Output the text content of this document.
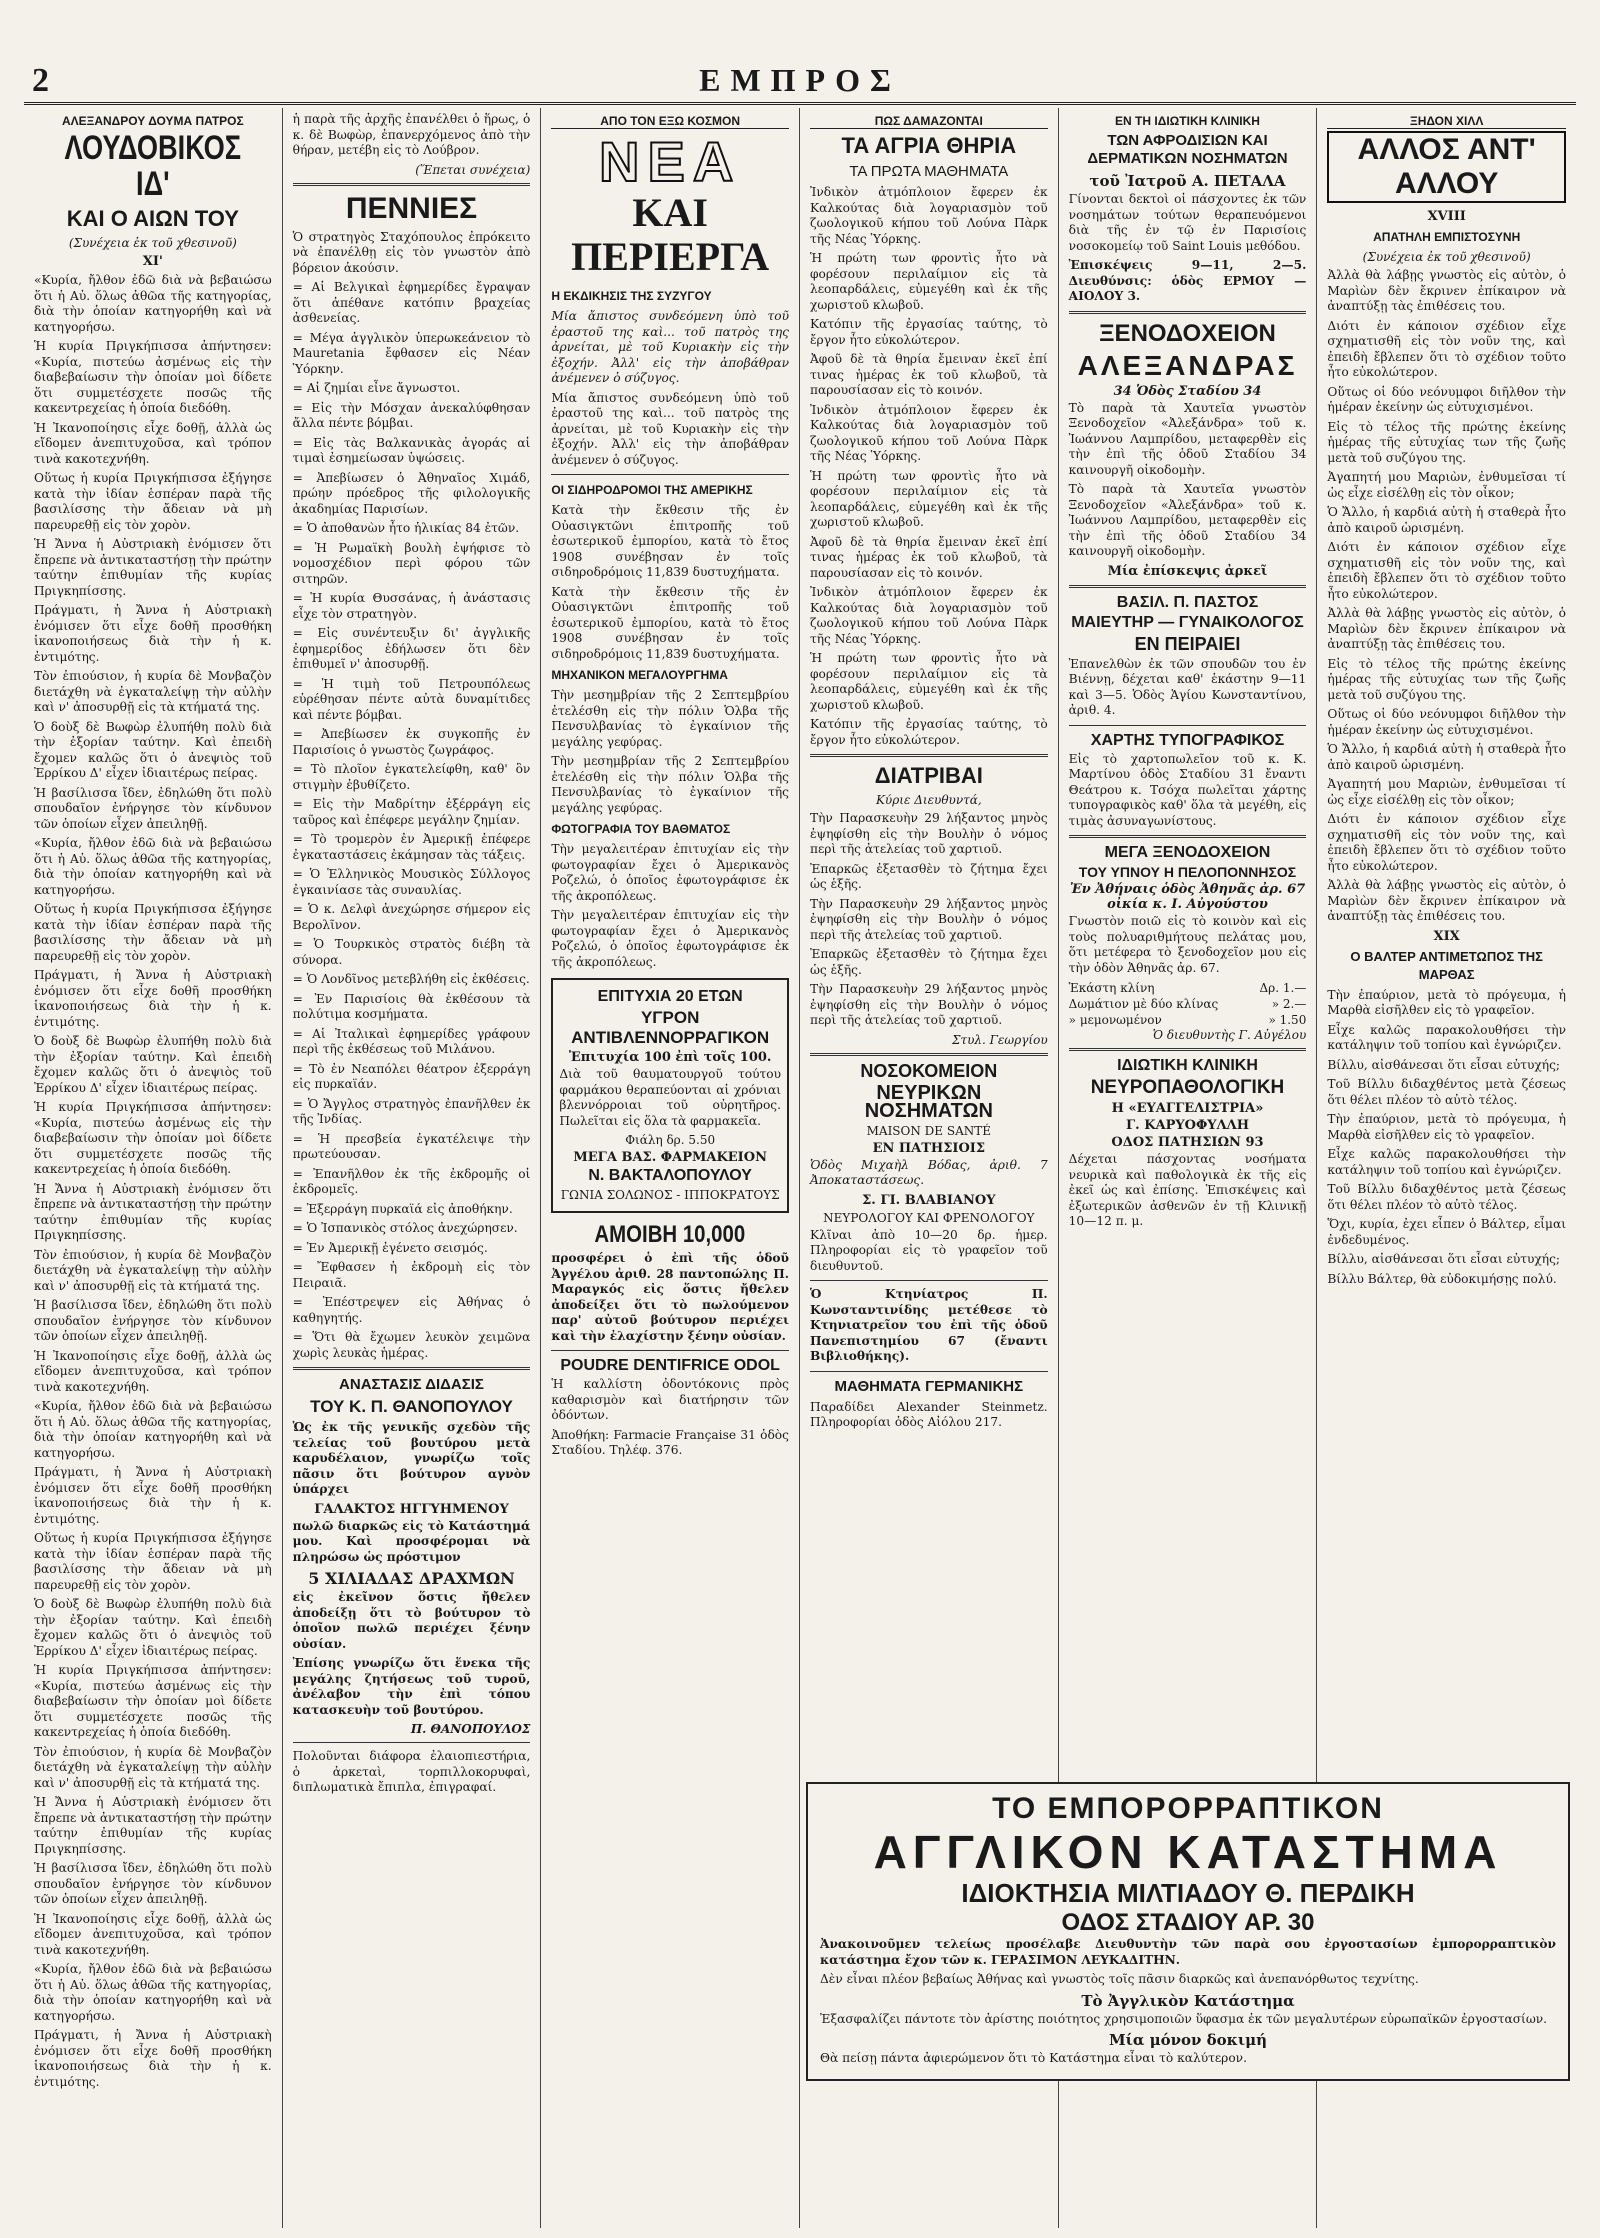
2	ΕΜΠΡΟΣ
ΑΛΕΞΑΝΔΡΟΥ ΔΟΥΜΑ ΠΑΤΡΟΣ
ΛΟΥΔΟΒΙΚΟΣ ΙΔ'
ΚΑΙ Ο ΑΙΩΝ ΤΟΥ
(Συνέχεια ἐκ τοῦ χθεσινοῦ)
ΧΙ'

«Κυρία, ἤλθον ἐδῶ διὰ νὰ βεβαιώσω ὅτι ἡ Αὐ. ὅλως ἀθῶα τῆς κατηγορίας, διὰ τὴν ὁποίαν κατηγορήθη καὶ νὰ κατηγορήσω.

Ἡ κυρία Πριγκήπισσα ἀπήντησεν: «Κυρία, πιστεύω ἀσμένως εἰς τὴν διαβεβαίωσιν τὴν ὁποίαν μοὶ δίδετε ὅτι συμμετέσχετε ποσῶς τῆς κακεντρεχείας ἡ ὁποία διεδόθη.

Ἡ Ἰκανοποίησις εἶχε δοθῇ, ἀλλὰ ὡς εἴδομεν ἀνεπιτυχοῦσα, καὶ τρόπον τινὰ κακοτεχνήθη.

Οὕτως ἡ κυρία Πριγκήπισσα ἐξήγησε κατὰ τὴν ἰδίαν ἑσπέραν παρὰ τῆς βασιλίσσης τὴν ἄδειαν νὰ μὴ παρευρεθῇ εἰς τὸν χορὸν.

Ἡ Ἄννα ἡ Αὐστριακὴ ἐνόμισεν ὅτι ἔπρεπε νὰ ἀντικαταστήσῃ τὴν πρώτην ταύτην ἐπιθυμίαν τῆς κυρίας Πριγκηπίσσης.

Πράγματι, ἡ Ἄννα ἡ Αὐστριακὴ ἐνόμισεν ὅτι εἶχε δοθῆ προσθήκη ἱκανοποιήσεως διὰ τὴν ἡ κ. ἐντιμότης.

Τὸν ἐπιούσιον, ἡ κυρία δὲ Μονβαζὸν διετάχθη νὰ ἐγκαταλείψῃ τὴν αὐλὴν καὶ ν' ἀποσυρθῇ εἰς τὰ κτήματά της.

Ὁ δοὺξ δὲ Βωφὼρ ἐλυπήθη πολὺ διὰ τὴν ἐξορίαν ταύτην. Καὶ ἐπειδὴ ἔχομεν καλῶς ὅτι ὁ ἀνεψιὸς τοῦ Ἐρρίκου Δ' εἶχεν ἰδιαιτέρως πείρας.

Ἡ βασίλισσα ἴδεν, ἐδηλώθη ὅτι πολὺ σπουδαῖον ἐνήργησε τὸν κίνδυνον τῶν ὁποίων εἶχεν ἀπειληθῇ.

«Κυρία, ἤλθον ἐδῶ διὰ νὰ βεβαιώσω ὅτι ἡ Αὐ. ὅλως ἀθῶα τῆς κατηγορίας, διὰ τὴν ὁποίαν κατηγορήθη καὶ νὰ κατηγορήσω.

Οὕτως ἡ κυρία Πριγκήπισσα ἐξήγησε κατὰ τὴν ἰδίαν ἑσπέραν παρὰ τῆς βασιλίσσης τὴν ἄδειαν νὰ μὴ παρευρεθῇ εἰς τὸν χορὸν.

Πράγματι, ἡ Ἄννα ἡ Αὐστριακὴ ἐνόμισεν ὅτι εἶχε δοθῆ προσθήκη ἱκανοποιήσεως διὰ τὴν ἡ κ. ἐντιμότης.

Ὁ δοὺξ δὲ Βωφὼρ ἐλυπήθη πολὺ διὰ τὴν ἐξορίαν ταύτην. Καὶ ἐπειδὴ ἔχομεν καλῶς ὅτι ὁ ἀνεψιὸς τοῦ Ἐρρίκου Δ' εἶχεν ἰδιαιτέρως πείρας.

Ἡ κυρία Πριγκήπισσα ἀπήντησεν: «Κυρία, πιστεύω ἀσμένως εἰς τὴν διαβεβαίωσιν τὴν ὁποίαν μοὶ δίδετε ὅτι συμμετέσχετε ποσῶς τῆς κακεντρεχείας ἡ ὁποία διεδόθη.

Ἡ Ἄννα ἡ Αὐστριακὴ ἐνόμισεν ὅτι ἔπρεπε νὰ ἀντικαταστήσῃ τὴν πρώτην ταύτην ἐπιθυμίαν τῆς κυρίας Πριγκηπίσσης.

Τὸν ἐπιούσιον, ἡ κυρία δὲ Μονβαζὸν διετάχθη νὰ ἐγκαταλείψῃ τὴν αὐλὴν καὶ ν' ἀποσυρθῇ εἰς τὰ κτήματά της.

Ἡ βασίλισσα ἴδεν, ἐδηλώθη ὅτι πολὺ σπουδαῖον ἐνήργησε τὸν κίνδυνον τῶν ὁποίων εἶχεν ἀπειληθῇ.

Ἡ Ἰκανοποίησις εἶχε δοθῇ, ἀλλὰ ὡς εἴδομεν ἀνεπιτυχοῦσα, καὶ τρόπον τινὰ κακοτεχνήθη.

«Κυρία, ἤλθον ἐδῶ διὰ νὰ βεβαιώσω ὅτι ἡ Αὐ. ὅλως ἀθῶα τῆς κατηγορίας, διὰ τὴν ὁποίαν κατηγορήθη καὶ νὰ κατηγορήσω.

Πράγματι, ἡ Ἄννα ἡ Αὐστριακὴ ἐνόμισεν ὅτι εἶχε δοθῆ προσθήκη ἱκανοποιήσεως διὰ τὴν ἡ κ. ἐντιμότης.

Οὕτως ἡ κυρία Πριγκήπισσα ἐξήγησε κατὰ τὴν ἰδίαν ἑσπέραν παρὰ τῆς βασιλίσσης τὴν ἄδειαν νὰ μὴ παρευρεθῇ εἰς τὸν χορὸν.

Ὁ δοὺξ δὲ Βωφὼρ ἐλυπήθη πολὺ διὰ τὴν ἐξορίαν ταύτην. Καὶ ἐπειδὴ ἔχομεν καλῶς ὅτι ὁ ἀνεψιὸς τοῦ Ἐρρίκου Δ' εἶχεν ἰδιαιτέρως πείρας.

Ἡ κυρία Πριγκήπισσα ἀπήντησεν: «Κυρία, πιστεύω ἀσμένως εἰς τὴν διαβεβαίωσιν τὴν ὁποίαν μοὶ δίδετε ὅτι συμμετέσχετε ποσῶς τῆς κακεντρεχείας ἡ ὁποία διεδόθη.

Τὸν ἐπιούσιον, ἡ κυρία δὲ Μονβαζὸν διετάχθη νὰ ἐγκαταλείψῃ τὴν αὐλὴν καὶ ν' ἀποσυρθῇ εἰς τὰ κτήματά της.

Ἡ Ἄννα ἡ Αὐστριακὴ ἐνόμισεν ὅτι ἔπρεπε νὰ ἀντικαταστήσῃ τὴν πρώτην ταύτην ἐπιθυμίαν τῆς κυρίας Πριγκηπίσσης.

Ἡ βασίλισσα ἴδεν, ἐδηλώθη ὅτι πολὺ σπουδαῖον ἐνήργησε τὸν κίνδυνον τῶν ὁποίων εἶχεν ἀπειληθῇ.

Ἡ Ἰκανοποίησις εἶχε δοθῇ, ἀλλὰ ὡς εἴδομεν ἀνεπιτυχοῦσα, καὶ τρόπον τινὰ κακοτεχνήθη.

«Κυρία, ἤλθον ἐδῶ διὰ νὰ βεβαιώσω ὅτι ἡ Αὐ. ὅλως ἀθῶα τῆς κατηγορίας, διὰ τὴν ὁποίαν κατηγορήθη καὶ νὰ κατηγορήσω.

Πράγματι, ἡ Ἄννα ἡ Αὐστριακὴ ἐνόμισεν ὅτι εἶχε δοθῆ προσθήκη ἱκανοποιήσεως διὰ τὴν ἡ κ. ἐντιμότης.

ἡ παρὰ τῆς ἀρχῆς ἐπανέλθει ὁ ἥρως, ὁ κ. δὲ Βωφὼρ, ἐπανερχόμενος ἀπὸ τὴν θήραν, μετέβη εἰς τὸ Λούβρον.

(Ἕπεται συνέχεια)
ΠΕΝΝΙΕΣ

Ὁ στρατηγὸς Σταχόπουλος ἐπρόκειτο νὰ ἐπανέλθῃ εἰς τὸν γνωστὸν ἀπὸ βόρειον ἀκούσιν.

= Αἱ Βελγικαὶ ἐφημερίδες ἔγραψαν ὅτι ἀπέθανε κατόπιν βραχείας ἀσθενείας.

= Μέγα ἀγγλικὸν ὑπερωκεάνειον τὸ Mauretania ἔφθασεν εἰς Νέαν Ὑόρκην.

= Αἱ ζημίαι εἶνε ἄγνωστοι.

= Εἰς τὴν Μόσχαν ἀνεκαλύφθησαν ἄλλα πέντε βόμβαι.

= Εἰς τὰς Βαλκανικὰς ἀγοράς αἱ τιμαὶ ἐσημείωσαν ὑψώσεις.

= Ἀπεβίωσεν ὁ Ἀθηναῖος Χιμάδ, πρώην πρόεδρος τῆς φιλολογικῆς ἀκαδημίας Παρισίων.

= Ὁ ἀποθανὼν ἦτο ἡλικίας 84 ἐτῶν.

= Ἡ Ρωμαϊκὴ βουλὴ ἐψήφισε τὸ νομοσχέδιον περὶ φόρου τῶν σιτηρῶν.

= Ἡ κυρία Θυσσάνας, ἡ ἀνάστασις εἶχε τὸν στρατηγὸν.

= Εἰς συνέντευξιν δι' ἀγγλικῆς ἐφημερίδος ἐδήλωσεν ὅτι δὲν ἐπιθυμεῖ ν' ἀποσυρθῇ.

= Ἡ τιμὴ τοῦ Πετρουπόλεως εὑρέθησαν πέντε αὐτὰ δυναμίτιδες καὶ πέντε βόμβαι.

= Ἀπεβίωσεν ἐκ συγκοπῆς ἐν Παρισίοις ὁ γνωστὸς ζωγράφος.

= Τὸ πλοῖον ἐγκατελείφθη, καθ' ὃν στιγμὴν ἐβυθίζετο.

= Εἰς τὴν Μαδρίτην ἐξέρράγη εἰς ταῦρος καὶ ἐπέφερε μεγάλην ζημίαν.

= Τὸ τρομερὸν ἐν Ἀμερικῇ ἐπέφερε ἐγκαταστάσεις ἐκάμησαν τὰς τάξεις.

= Ὁ Ἑλληνικὸς Μουσικὸς Σύλλογος ἐγκαινίασε τὰς συναυλίας.

= Ὁ κ. Δελφὶ ἀνεχώρησε σήμερον εἰς Βερολῖνον.

= Ὁ Τουρκικὸς στρατὸς διέβη τὰ σύνορα.

= Ὁ Λονδῖνος μετεβλήθη εἰς ἐκθέσεις.

= Ἐν Παρισίοις θὰ ἐκθέσουν τὰ πολύτιμα κοσμήματα.

= Αἱ Ἰταλικαὶ ἐφημερίδες γράφουν περὶ τῆς ἐκθέσεως τοῦ Μιλάνου.

= Τὸ ἐν Νεαπόλει θέατρον ἐξερράγη εἰς πυρκαϊάν.

= Ὁ Ἄγγλος στρατηγὸς ἐπανῆλθεν ἐκ τῆς Ἰνδίας.

= Ἡ πρεσβεία ἐγκατέλειψε τὴν πρωτεύουσαν.

= Ἐπανῆλθον ἐκ τῆς ἐκδρομῆς οἱ ἐκδρομεῖς.

= Ἐξερράγη πυρκαϊά εἰς ἀποθήκην.

= Ὁ Ἰσπανικὸς στόλος ἀνεχώρησεν.

= Ἐν Ἀμερικῇ ἐγένετο σεισμός.

= Ἔφθασεν ἡ ἐκδρομὴ εἰς τὸν Πειραιᾶ.

= Ἐπέστρεψεν εἰς Ἀθήνας ὁ καθηγητής.

= Ὅτι θὰ ἔχωμεν λευκὸν χειμῶνα χωρὶς λευκὰς ἡμέρας.

ΑΝΑΣΤΑΣΙΣ ΔΙΔΑΣΙΣ
ΤΟΥ Κ. Π. ΘΑΝΟΠΟΥΛΟΥ

Ὡς ἐκ τῆς γενικῆς σχεδὸν τῆς τελείας τοῦ βουτύρου μετὰ καρυδέλαιον, γνωρίζω τοῖς πᾶσιν ὅτι βούτυρον αγνὸν ὑπάρχει

ΓΑΛΑΚΤΟΣ ΗΓΓΥΗΜΕΝΟΥ

πωλῶ διαρκῶς εἰς τὸ Κατάστημά μου. Καὶ προσφέρομαι νὰ πληρώσω ὡς πρόστιμον

5 ΧΙΛΙΑΔΑΣ ΔΡΑΧΜΩΝ

εἰς ἐκεῖνον ὅστις ἤθελεν ἀποδείξῃ ὅτι τὸ βούτυρον τὸ ὁποῖον πωλῶ περιέχει ξένην οὐσίαν.

Ἐπίσης γνωρίζω ὅτι ἕνεκα τῆς μεγάλης ζητήσεως τοῦ τυροῦ, ἀνέλαβον τὴν ἐπὶ τόπου κατασκευὴν τοῦ βουτύρου.

Π. ΘΑΝΟΠΟΥΛΟΣ

Πολοῦνται διάφορα ἐλαιοπιεστήρια, ὁ ἀρκεταὶ, τορπιλλοκορυφαὶ, διπλωματικὰ ἔπιπλα, ἐπιγραφαί.

ΑΠΟ ΤΟΝ ΕΞΩ ΚΟΣΜΟΝ
ΝΕΑ
ΚΑΙ ΠΕΡΙΕΡΓΑ
Η ΕΚΔΙΚΗΣΙΣ ΤΗΣ ΣΥΖΥΓΟΥ

Μία ἄπιστος συνδεόμενη ὑπὸ τοῦ ἐραστοῦ της καὶ... τοῦ πατρὸς της ἀρνείται, μὲ τοῦ Κυριακὴν εἰς τὴν ἐξοχήν. Ἀλλ' εἰς τὴν ἀποβάθραν ἀνέμενεν ὁ σύζυγος.

Μία ἄπιστος συνδεόμενη ὑπὸ τοῦ ἐραστοῦ της καὶ... τοῦ πατρὸς της ἀρνείται, μὲ τοῦ Κυριακὴν εἰς τὴν ἐξοχήν. Ἀλλ' εἰς τὴν ἀποβάθραν ἀνέμενεν ὁ σύζυγος.

ΟΙ ΣΙΔΗΡΟΔΡΟΜΟΙ ΤΗΣ ΑΜΕΡΙΚΗΣ

Κατὰ τὴν ἔκθεσιν τῆς ἐν Οὐασιγκτῶνι ἐπιτροπῆς τοῦ ἐσωτερικοῦ ἐμπορίου, κατὰ τὸ ἔτος 1908 συνέβησαν ἐν τοῖς σιδηροδρόμοις 11,839 δυστυχήματα.

Κατὰ τὴν ἔκθεσιν τῆς ἐν Οὐασιγκτῶνι ἐπιτροπῆς τοῦ ἐσωτερικοῦ ἐμπορίου, κατὰ τὸ ἔτος 1908 συνέβησαν ἐν τοῖς σιδηροδρόμοις 11,839 δυστυχήματα.

ΜΗΧΑΝΙΚΟΝ ΜΕΓΑΛΟΥΡΓΗΜΑ

Τὴν μεσημβρίαν τῆς 2 Σεπτεμβρίου ἐτελέσθη εἰς τὴν πόλιν Ὁλβα τῆς Πενσυλβανίας τὸ ἐγκαίνιον τῆς μεγάλης γεφύρας.

Τὴν μεσημβρίαν τῆς 2 Σεπτεμβρίου ἐτελέσθη εἰς τὴν πόλιν Ὁλβα τῆς Πενσυλβανίας τὸ ἐγκαίνιον τῆς μεγάλης γεφύρας.

ΦΩΤΟΓΡΑΦΙΑ ΤΟΥ ΒΑΘΜΑΤΟΣ

Τὴν μεγαλειτέραν ἐπιτυχίαν εἰς τὴν φωτογραφίαν ἔχει ὁ Ἀμερικανὸς Ροζελώ, ὁ ὁποῖος ἐφωτογράφισε ἐκ τῆς ἀκροπόλεως.

Τὴν μεγαλειτέραν ἐπιτυχίαν εἰς τὴν φωτογραφίαν ἔχει ὁ Ἀμερικανὸς Ροζελώ, ὁ ὁποῖος ἐφωτογράφισε ἐκ τῆς ἀκροπόλεως.

ΕΠΙΤΥΧΙΑ 20 ΕΤΩΝ
ΥΓΡΟΝ ΑΝΤΙΒΛΕΝΝΟΡΡΑΓΙΚΟΝ
Ἐπιτυχία 100 ἐπὶ τοῖς 100.

Διὰ τοῦ θαυματουργοῦ τούτου φαρμάκου θεραπεύονται αἱ χρόνιαι βλεννόρροιαι τοῦ οὐρητῆρος. Πωλεῖται εἰς ὅλα τὰ φαρμακεῖα.

Φιάλη δρ. 5.50
ΜΕΓΑ ΒΑΣ. ΦΑΡΜΑΚΕΙΟΝ
Ν. ΒΑΚΤΑΛΟΠΟΥΛΟΥ
ΓΩΝΙΑ ΣΟΛΩΝΟΣ - ΙΠΠΟΚΡΑΤΟΥΣ
ΑΜΟΙΒΗ 10,000

προσφέρει ὁ ἐπὶ τῆς ὁδοῦ Ἀγγέλου ἀριθ. 28 παντοπώλης Π. Μαραγκός εἰς ὅστις ἤθελεν ἀποδείξει ὅτι τὸ πωλούμενον παρ' αὐτοῦ βούτυρον περιέχει καὶ τὴν ἐλαχίστην ξένην οὐσίαν.

POUDRE DENTIFRICE ODOL

Ἡ καλλίστη ὀδοντόκονις πρὸς καθαρισμὸν καὶ διατήρησιν τῶν ὀδόντων.

Ἀποθήκη: Farmacie Française 31 ὁδὸς Σταδίου. Τηλέφ. 376.

ΠΩΣ ΔΑΜΑΖΟΝΤΑΙ
ΤΑ ΑΓΡΙΑ ΘΗΡΙΑ
ΤΑ ΠΡΩΤΑ ΜΑΘΗΜΑΤΑ

Ἰνδικὸν ἀτμόπλοιον ἔφερεν ἐκ Καλκούτας διὰ λογαριασμὸν τοῦ ζωολογικοῦ κήπου τοῦ Λούνα Πὰρκ τῆς Νέας Ὑόρκης.

Ἡ πρώτη των φροντὶς ἦτο νὰ φορέσουν περιλαίμιον εἰς τὰ λεοπαρδάλεις, εὐμεγέθη καὶ ἐκ τῆς χωριστοῦ κλωβοῦ.

Κατόπιν τῆς ἐργασίας ταύτης, τὸ ἔργον ἦτο εὐκολώτερον.

Ἀφοῦ δὲ τὰ θηρία ἔμειναν ἐκεῖ ἐπί τινας ἡμέρας ἐκ τοῦ κλωβοῦ, τὰ παρουσίασαν εἰς τὸ κοινόν.

Ἰνδικὸν ἀτμόπλοιον ἔφερεν ἐκ Καλκούτας διὰ λογαριασμὸν τοῦ ζωολογικοῦ κήπου τοῦ Λούνα Πὰρκ τῆς Νέας Ὑόρκης.

Ἡ πρώτη των φροντὶς ἦτο νὰ φορέσουν περιλαίμιον εἰς τὰ λεοπαρδάλεις, εὐμεγέθη καὶ ἐκ τῆς χωριστοῦ κλωβοῦ.

Ἀφοῦ δὲ τὰ θηρία ἔμειναν ἐκεῖ ἐπί τινας ἡμέρας ἐκ τοῦ κλωβοῦ, τὰ παρουσίασαν εἰς τὸ κοινόν.

Ἰνδικὸν ἀτμόπλοιον ἔφερεν ἐκ Καλκούτας διὰ λογαριασμὸν τοῦ ζωολογικοῦ κήπου τοῦ Λούνα Πὰρκ τῆς Νέας Ὑόρκης.

Ἡ πρώτη των φροντὶς ἦτο νὰ φορέσουν περιλαίμιον εἰς τὰ λεοπαρδάλεις, εὐμεγέθη καὶ ἐκ τῆς χωριστοῦ κλωβοῦ.

Κατόπιν τῆς ἐργασίας ταύτης, τὸ ἔργον ἦτο εὐκολώτερον.

ΔΙΑΤΡΙΒΑΙ
Κύριε Διευθυντά,

Τὴν Παρασκευὴν 29 λήξαντος μηνὸς ἐψηφίσθη εἰς τὴν Βουλὴν ὁ νόμος περὶ τῆς ἀτελείας τοῦ χαρτιοῦ.

Ἐπαρκῶς ἐξετασθὲν τὸ ζήτημα ἔχει ὡς ἑξῆς.

Τὴν Παρασκευὴν 29 λήξαντος μηνὸς ἐψηφίσθη εἰς τὴν Βουλὴν ὁ νόμος περὶ τῆς ἀτελείας τοῦ χαρτιοῦ.

Ἐπαρκῶς ἐξετασθὲν τὸ ζήτημα ἔχει ὡς ἑξῆς.

Τὴν Παρασκευὴν 29 λήξαντος μηνὸς ἐψηφίσθη εἰς τὴν Βουλὴν ὁ νόμος περὶ τῆς ἀτελείας τοῦ χαρτιοῦ.

Στυλ. Γεωργίου
ΝΟΣΟΚΟΜΕΙΟΝ
ΝΕΥΡΙΚΩΝ ΝΟΣΗΜΑΤΩΝ
MAISON DE SANTÉ
ΕΝ ΠΑΤΗΣΙΟΙΣ

Ὁδὸς Μιχαὴλ Βόδας, ἀριθ. 7 Ἀποκαταστάσεως.

Σ. ΓΙ. ΒΛΑΒΙΑΝΟΥ
ΝΕΥΡΟΛΟΓΟΥ ΚΑΙ ΦΡΕΝΟΛΟΓΟΥ

Κλῖναι ἀπὸ 10—20 δρ. ἡμερ. Πληροφορίαι εἰς τὸ γραφεῖον τοῦ διευθυντοῦ.

Ὁ Κτηνίατρος Π. Κωνσταντινίδης μετέθεσε τὸ Κτηνιατρεῖον του ἐπὶ τῆς ὁδοῦ Πανεπιστημίου 67 (ἔναντι Βιβλιοθήκης).

ΜΑΘΗΜΑΤΑ ΓΕΡΜΑΝΙΚΗΣ

Παραδίδει Alexander Steinmetz. Πληροφορίαι ὁδὸς Αἰόλου 217.

ΕΝ ΤΗ ΙΔΙΩΤΙΚΗ ΚΛΙΝΙΚΗ
ΤΩΝ ΑΦΡΟΔΙΣΙΩΝ ΚΑΙ ΔΕΡΜΑΤΙΚΩΝ ΝΟΣΗΜΑΤΩΝ
τοῦ Ἰατροῦ Α. ΠΕΤΑΛΑ

Γίνονται δεκτοὶ οἱ πάσχοντες ἐκ τῶν νοσημάτων τούτων θεραπευόμενοι διὰ τῆς ἐν τῷ ἐν Παρισίοις νοσοκομείῳ τοῦ Saint Louis μεθόδου.

Ἐπισκέψεις 9—11, 2—5. Διευθύνσις: ὁδὸς ΕΡΜΟΥ — ΑΙΟΛΟΥ 3.

ΞΕΝΟΔΟΧΕΙΟΝ
ΑΛΕΞΑΝΔΡΑΣ
34 Ὁδὸς Σταδίου 34

Τὸ παρὰ τὰ Χαυτεῖα γνωστὸν Ξενοδοχεῖον «Ἀλεξάνδρα» τοῦ κ. Ἰωάννου Λαμπρίδου, μεταφερθὲν εἰς τὴν ἐπὶ τῆς ὁδοῦ Σταδίου 34 καινουργῆ οἰκοδομὴν.

Τὸ παρὰ τὰ Χαυτεῖα γνωστὸν Ξενοδοχεῖον «Ἀλεξάνδρα» τοῦ κ. Ἰωάννου Λαμπρίδου, μεταφερθὲν εἰς τὴν ἐπὶ τῆς ὁδοῦ Σταδίου 34 καινουργῆ οἰκοδομὴν.

Μία ἐπίσκεψις ἀρκεῖ
ΒΑΣΙΛ. Π. ΠΑΣΤΟΣ
ΜΑΙΕΥΤΗΡ — ΓΥΝΑΙΚΟΛΟΓΟΣ
ΕΝ ΠΕΙΡΑΙΕΙ

Ἐπανελθὼν ἐκ τῶν σπουδῶν του ἐν Βιέννῃ, δέχεται καθ' ἑκάστην 9—11 καὶ 3—5. Ὁδὸς Ἁγίου Κωνσταντίνου, ἀριθ. 4.

ΧΑΡΤΗΣ ΤΥΠΟΓΡΑΦΙΚΟΣ

Εἰς τὸ χαρτοπωλεῖον τοῦ κ. Κ. Μαρτίνου ὁδὸς Σταδίου 31 ἔναντι Θεάτρου κ. Τσόχα πωλεῖται χάρτης τυπογραφικὸς καθ' ὅλα τὰ μεγέθη, εἰς τιμὰς ἀσυναγωνίστους.

ΜΕΓΑ ΞΕΝΟΔΟΧΕΙΟΝ
ΤΟΥ ΥΠΝΟΥ Η ΠΕΛΟΠΟΝΝΗΣΟΣ
Ἐν Ἀθήναις ὁδὸς Ἀθηνᾶς ἀρ. 67 οἰκία κ. Ι. Αὐγούστου

Γνωστὸν ποιῶ εἰς τὸ κοινὸν καὶ εἰς τοὺς πολυαριθμήτους πελάτας μου, ὅτι μετέφερα τὸ ξενοδοχεῖον μου εἰς τὴν ὁδὸν Ἀθηνᾶς ἀρ. 67.

Ἑκάστη κλίνη	Δρ. 1.—
Δωμάτιον μὲ δύο κλίνας	» 2.—
» μεμονωμένον	» 1.50
Ὁ διευθυντὴς Γ. Αὐγέλου
ΙΔΙΩΤΙΚΗ ΚΛΙΝΙΚΗ
ΝΕΥΡΟΠΑΘΟΛΟΓΙΚΗ
Η «ΕΥΑΓΓΕΛΙΣΤΡΙΑ»
Γ. ΚΑΡΥΟΦΥΛΛΗ
ΟΔΟΣ ΠΑΤΗΣΙΩΝ 93

Δέχεται πάσχοντας νοσήματα νευρικὰ καὶ παθολογικὰ ἐκ τῆς εἰς ἐκεῖ ὡς καὶ ἐπίσης. Ἐπισκέψεις καὶ ἐξωτερικῶν ἀσθενῶν ἐν τῇ Κλινικῇ 10—12 π. μ.

ΞΗΔΟΝ ΧΙΛΛ
ΑΛΛΟΣ ΑΝΤ' ΑΛΛΟΥ
XVIII
ΑΠΑΤΗΛΗ ΕΜΠΙΣΤΟΣΥΝΗ
(Συνέχεια ἐκ τοῦ χθεσινοῦ)

Ἀλλὰ θὰ λάβῃς γνωστὸς εἰς αὐτὸν, ὁ Μαρὶὼν δὲν ἔκρινεν ἐπίκαιρον νὰ ἀναπτύξῃ τὰς ἐπιθέσεις του.

Διότι ἐν κάποιον σχέδιον εἶχε σχηματισθῆ εἰς τὸν νοῦν της, καὶ ἐπειδὴ ἔβλεπεν ὅτι τὸ σχέδιον τοῦτο ἦτο εὐκολώτερον.

Οὕτως οἱ δύο νεόνυμφοι διῆλθον τὴν ἡμέραν ἐκείνην ὡς εὐτυχισμένοι.

Εἰς τὸ τέλος τῆς πρώτης ἐκείνης ἡμέρας τῆς εὐτυχίας των τῆς ζωῆς μετὰ τοῦ συζύγου της.

Ἀγαπητή μου Μαριὼν, ἐνθυμεῖσαι τί ὡς εἶχε εἰσέλθῃ εἰς τὸν οἶκον;

Ὁ Ἄλλο, ἡ καρδιά αὐτὴ ἡ σταθερὰ ἦτο ἀπὸ καιροῦ ὡρισμένη.

Διότι ἐν κάποιον σχέδιον εἶχε σχηματισθῆ εἰς τὸν νοῦν της, καὶ ἐπειδὴ ἔβλεπεν ὅτι τὸ σχέδιον τοῦτο ἦτο εὐκολώτερον.

Ἀλλὰ θὰ λάβῃς γνωστὸς εἰς αὐτὸν, ὁ Μαρὶὼν δὲν ἔκρινεν ἐπίκαιρον νὰ ἀναπτύξῃ τὰς ἐπιθέσεις του.

Εἰς τὸ τέλος τῆς πρώτης ἐκείνης ἡμέρας τῆς εὐτυχίας των τῆς ζωῆς μετὰ τοῦ συζύγου της.

Οὕτως οἱ δύο νεόνυμφοι διῆλθον τὴν ἡμέραν ἐκείνην ὡς εὐτυχισμένοι.

Ὁ Ἄλλο, ἡ καρδιά αὐτὴ ἡ σταθερὰ ἦτο ἀπὸ καιροῦ ὡρισμένη.

Ἀγαπητή μου Μαριὼν, ἐνθυμεῖσαι τί ὡς εἶχε εἰσέλθῃ εἰς τὸν οἶκον;

Διότι ἐν κάποιον σχέδιον εἶχε σχηματισθῆ εἰς τὸν νοῦν της, καὶ ἐπειδὴ ἔβλεπεν ὅτι τὸ σχέδιον τοῦτο ἦτο εὐκολώτερον.

Ἀλλὰ θὰ λάβῃς γνωστὸς εἰς αὐτὸν, ὁ Μαρὶὼν δὲν ἔκρινεν ἐπίκαιρον νὰ ἀναπτύξῃ τὰς ἐπιθέσεις του.

XIX
Ο ΒΑΛΤΕΡ ΑΝΤΙΜΕΤΩΠΟΣ ΤΗΣ ΜΑΡΘΑΣ

Τὴν ἐπαύριον, μετὰ τὸ πρόγευμα, ἡ Μαρθὰ εἰσῆλθεν εἰς τὸ γραφεῖον.

Εἶχε καλῶς παρακολουθήσει τὴν κατάληψιν τοῦ τοπίου καὶ ἐγνώριζεν.

Βίλλυ, αἰσθάνεσαι ὅτι εἶσαι εὐτυχής;

Τοῦ Βίλλυ διδαχθέντος μετὰ ζέσεως ὅτι θέλει πλέον τὸ αὐτὸ τέλος.

Τὴν ἐπαύριον, μετὰ τὸ πρόγευμα, ἡ Μαρθὰ εἰσῆλθεν εἰς τὸ γραφεῖον.

Εἶχε καλῶς παρακολουθήσει τὴν κατάληψιν τοῦ τοπίου καὶ ἐγνώριζεν.

Τοῦ Βίλλυ διδαχθέντος μετὰ ζέσεως ὅτι θέλει πλέον τὸ αὐτὸ τέλος.

Ὅχι, κυρία, ἐχει εἶπεν ὁ Βάλτερ, εἶμαι ἐνδεδυμένος.

Βίλλυ, αἰσθάνεσαι ὅτι εἶσαι εὐτυχής;

Βίλλυ Βάλτερ, θὰ εὐδοκιμήσῃς πολύ.

ΤΟ ΕΜΠΟΡΟΡΡΑΠΤΙΚΟΝ
ΑΓΓΛΙΚΟΝ ΚΑΤΑΣΤΗΜΑ
ΙΔΙΟΚΤΗΣΙΑ ΜΙΛΤΙΑΔΟΥ Θ. ΠΕΡΔΙΚΗ
ΟΔΟΣ ΣΤΑΔΙΟΥ ΑΡ. 30

Ἀνακοινοῦμεν τελείως προσέλαβε Διευθυντὴν τῶν παρὰ σου ἐργοστασίων ἐμπορορραπτικὸν κατάστημα ἔχον τῶν κ. ΓΕΡΑΣΙΜΟΝ ΛΕΥΚΑΔΙΤΗΝ.

Δὲν εἶναι πλέον βεβαίως Ἀθήνας καὶ γνωστὸς τοῖς πᾶσιν διαρκῶς καὶ ἀνεπανόρθωτος τεχνίτης.

Τὸ Ἀγγλικὸν Κατάστημα

Ἐξασφαλίζει πάντοτε τὸν ἀρίστης ποιότητος χρησιμοποιῶν ὕφασμα ἐκ τῶν μεγαλυτέρων εὐρωπαϊκῶν ἐργοστασίων.

Μία μόνον δοκιμή

Θὰ πείσῃ πάντα ἀφιερώμενον ὅτι τὸ Κατάστημα εἶναι τὸ καλύτερον.
